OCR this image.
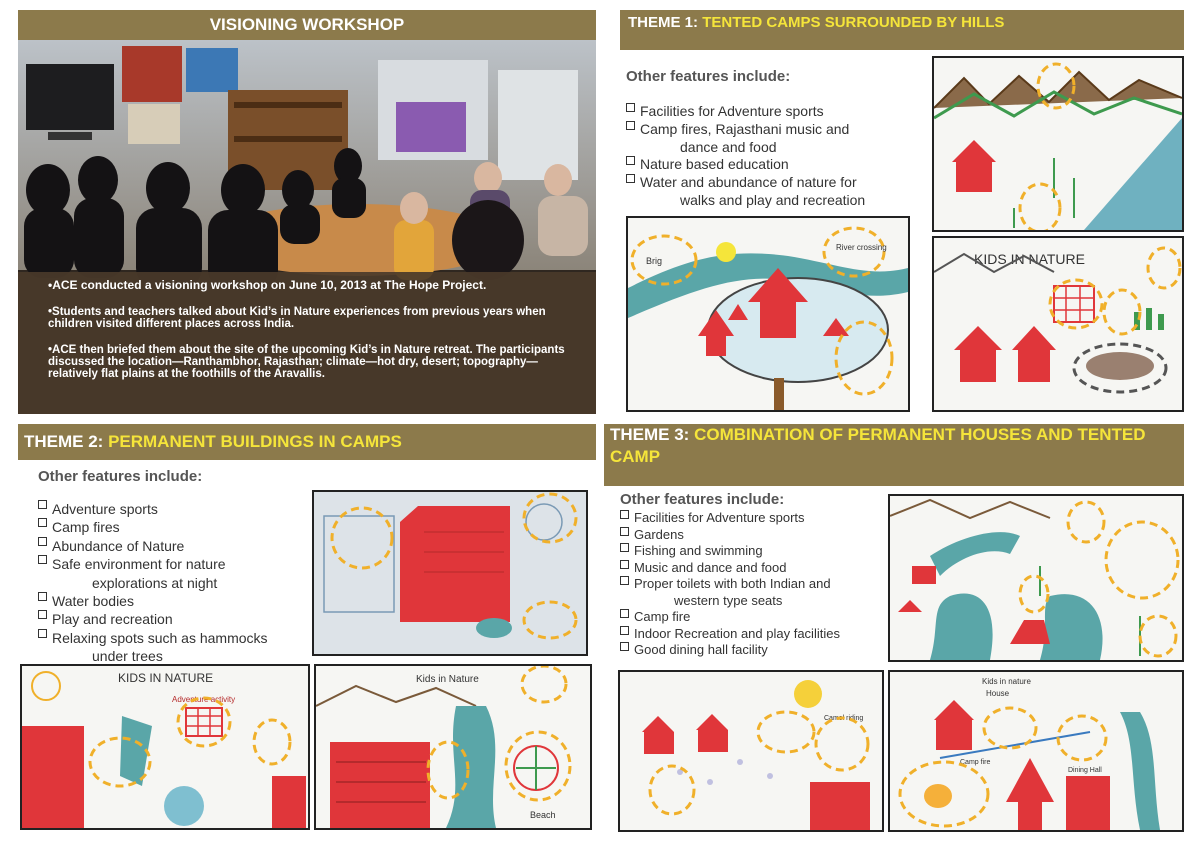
VISIONING WORKSHOP

•ACE conducted a visioning workshop on June 10, 2013 at The Hope Project.

•Students and teachers talked about Kid’s in Nature experiences from previous years when children visited different places across India.

•ACE then briefed them about the site of the upcoming Kid’s in Nature retreat. The participants discussed the location—Ranthambhor, Rajasthan; climate—hot dry, desert; topography—relatively flat plains at the foothills of the Aravallis.

THEME 1: TENTED CAMPS SURROUNDED BY HILLS
Other features include:
Facilities for Adventure sports
Camp fires, Rajasthani music and
dance and food
Nature based education
Water and abundance of nature for
walks and play and recreation
Brig
River crossing
KIDS IN NATURE
THEME 2: PERMANENT BUILDINGS IN CAMPS
Other features include:
Adventure sports
Camp fires
Abundance of Nature
Safe environment for nature
explorations at night
Water bodies
Play and recreation
Relaxing spots such as hammocks
under trees
KIDS IN NATURE
Adventure activity
Kids in Nature
Beach
THEME 3: COMBINATION OF PERMANENT HOUSES AND TENTED CAMP
Other features include:
Facilities for Adventure sports
Gardens
Fishing and swimming
Music and dance and food
Proper toilets with both Indian and
western type seats
Camp fire
Indoor Recreation and play facilities
Good dining hall facility
Camel riding
Kids in nature
House
Dining Hall
Camp fire
